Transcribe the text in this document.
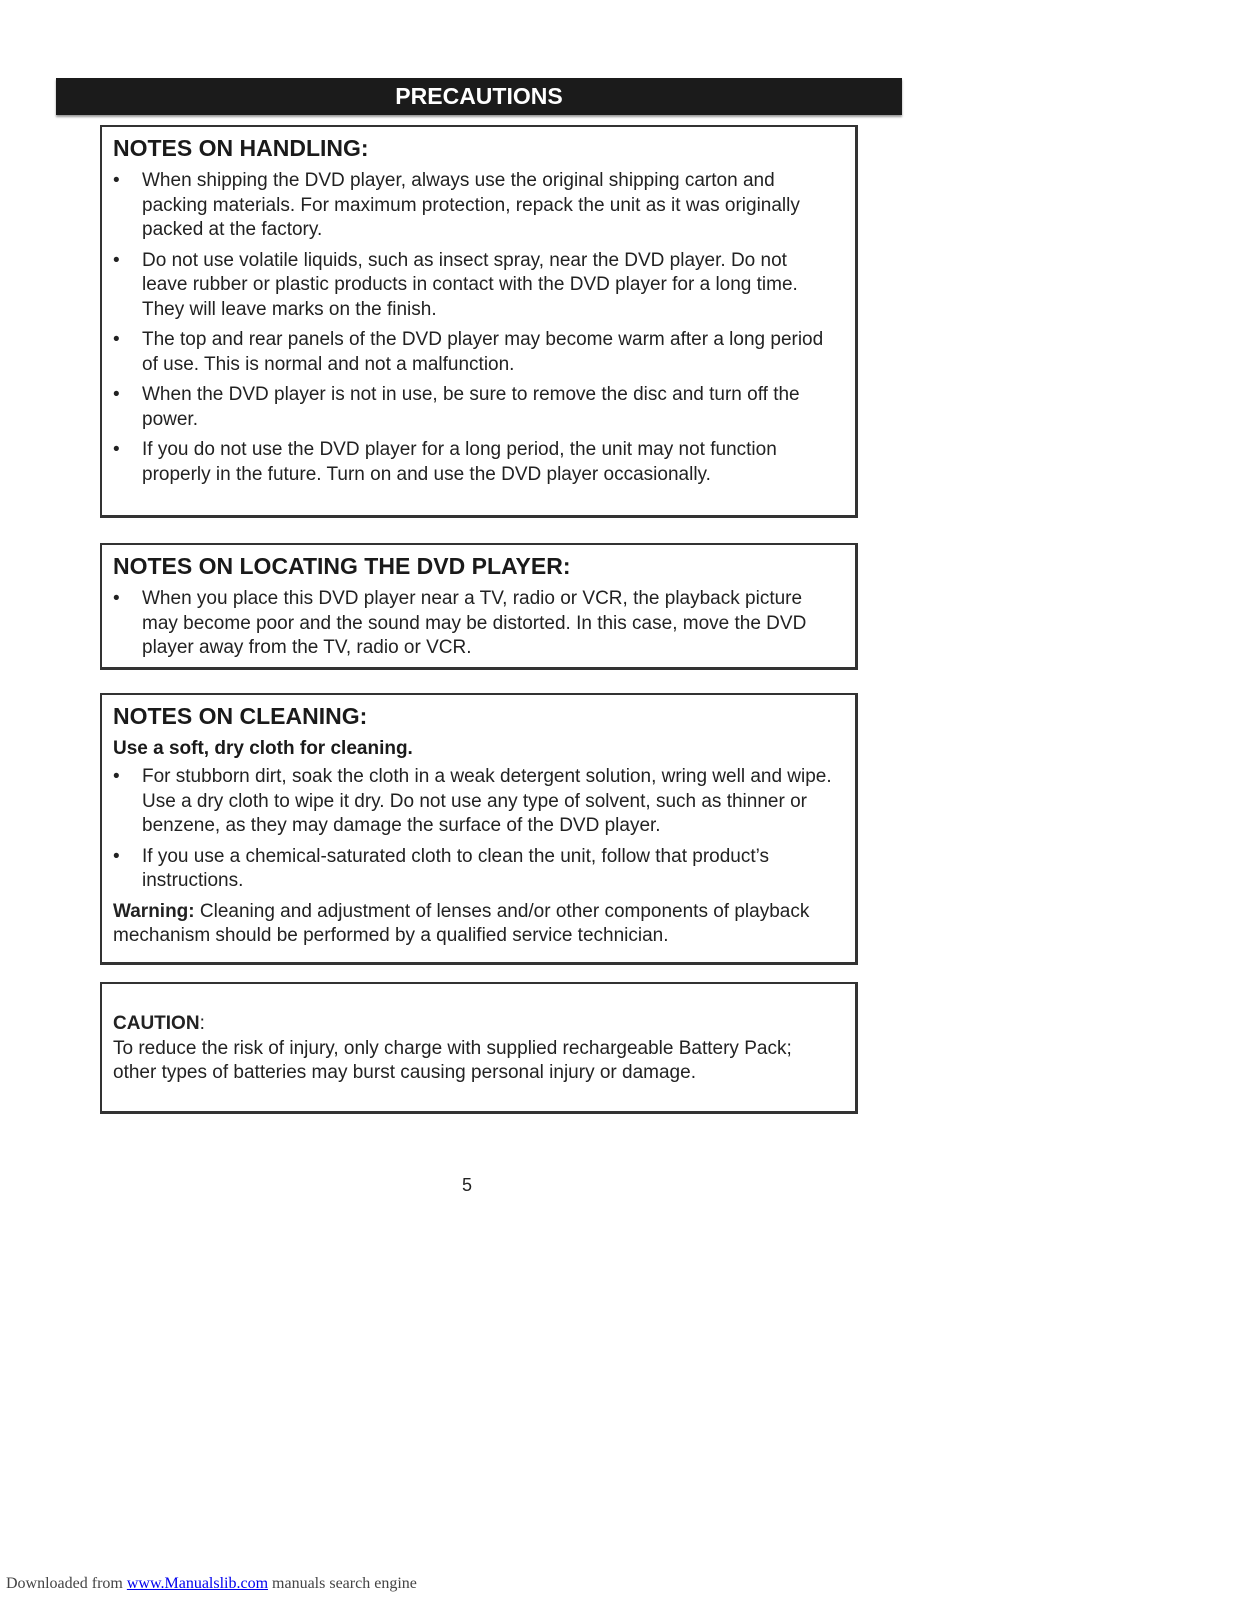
PRECAUTIONS
NOTES ON HANDLING:
•	When shipping the DVD player, always use the original shipping carton and packing materials. For maximum protection, repack the unit as it was originally packed at the factory.
•	Do not use volatile liquids, such as insect spray, near the DVD player. Do not leave rubber or plastic products in contact with the DVD player for a long time. They will leave marks on the finish.
•	The top and rear panels of the DVD player may become warm after a long period of use. This is normal and not a malfunction.
•	When the DVD player is not in use, be sure to remove the disc and turn off the power.
•	If you do not use the DVD player for a long period, the unit may not function properly in the future. Turn on and use the DVD player occasionally.
NOTES ON LOCATING THE DVD PLAYER:
•	When you place this DVD player near a TV, radio or VCR, the playback picture may become poor and the sound may be distorted. In this case, move the DVD player away from the TV, radio or VCR.
NOTES ON CLEANING:
Use a soft, dry cloth for cleaning.
•	For stubborn dirt, soak the cloth in a weak detergent solution, wring well and wipe. Use a dry cloth to wipe it dry. Do not use any type of solvent, such as thinner or benzene, as they may damage the surface of the DVD player.
•	If you use a chemical-saturated cloth to clean the unit, follow that product’s instructions.

Warning: Cleaning and adjustment of lenses and/or other components of playback mechanism should be performed by a qualified service technician.

CAUTION:

To reduce the risk of injury, only charge with supplied rechargeable Battery Pack; other types of batteries may burst causing personal injury or damage.

5
Downloaded from www.Manualslib.com manuals search engine
